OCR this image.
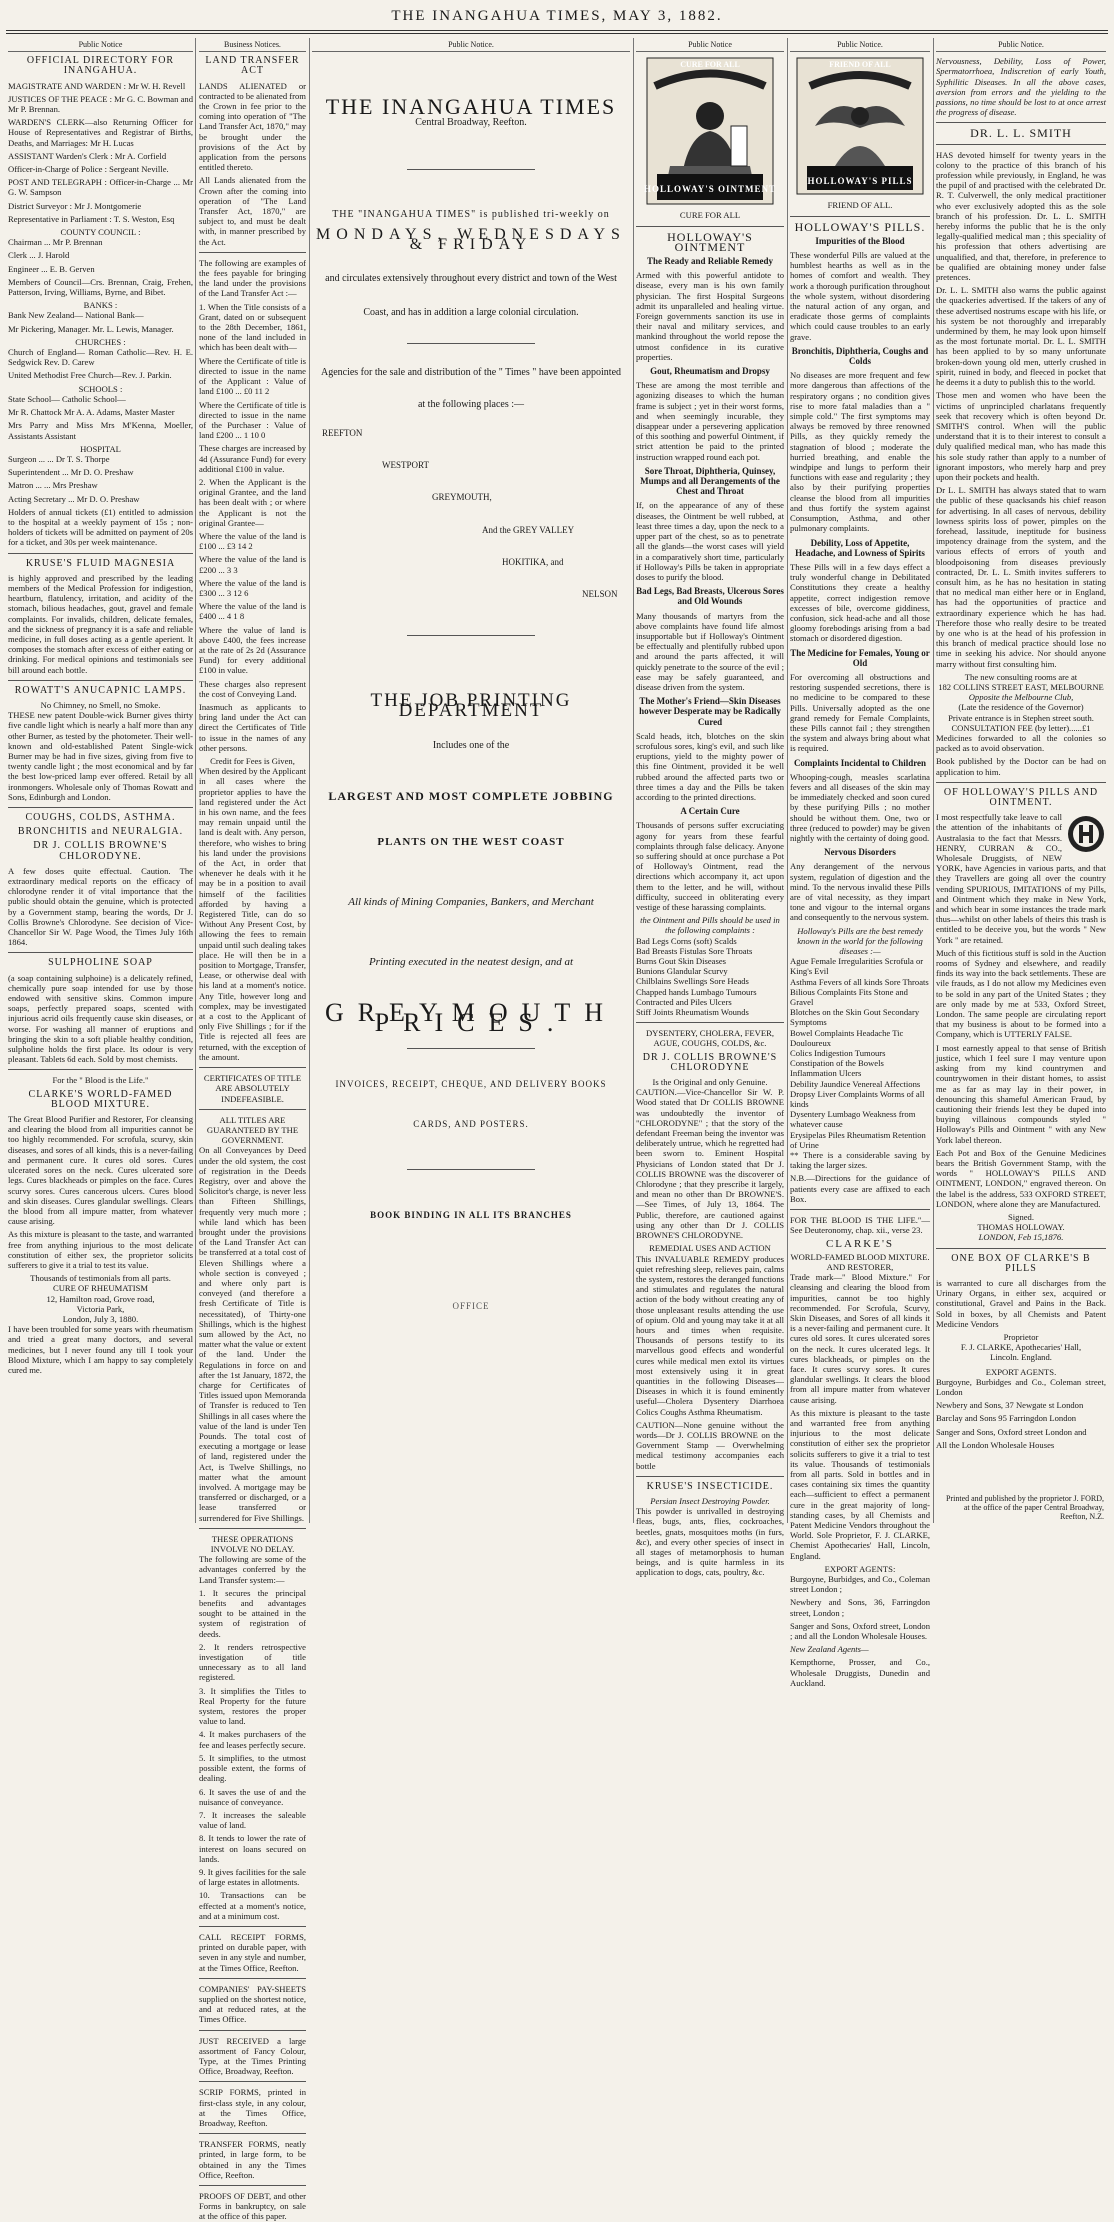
THE INANGAHUA TIMES, MAY 3, 1882.
Public Notice
OFFICIAL DIRECTORY FOR INANGAHUA.

MAGISTRATE AND WARDEN : Mr W. H. Revell

JUSTICES OF THE PEACE : Mr G. C. Bowman and Mr P. Brennan.

WARDEN'S CLERK—also Returning Officer for House of Representatives and Registrar of Births, Deaths, and Marriages: Mr H. Lucas

ASSISTANT Warden's Clerk : Mr A. Corfield

Officer-in-Charge of Police : Sergeant Neville.

POST AND TELEGRAPH : Officer-in-Charge ... Mr G. W. Sampson

District Surveyor : Mr J. Montgomerie

Representative in Parliament : T. S. Weston, Esq

COUNTY COUNCIL :

Chairman ... Mr P. Brennan

Clerk ... J. Harold

Engineer ... E. B. Gerven

Members of Council—Crs. Brennan, Craig, Frehen, Patterson, Irving, Williams, Byrne, and Bibet.

BANKS :

Bank New Zealand— National Bank—

Mr Pickering, Manager. Mr. L. Lewis, Manager.

CHURCHES :

Church of England— Roman Catholic—Rev. H. E. Sedgwick Rev. D. Carew

United Methodist Free Church—Rev. J. Parkin.

SCHOOLS :

State School— Catholic School—

Mr R. Chattock Mr A. A. Adams, Master Master

Mrs Parry and Miss Mrs M'Kenna, Moeller, Assistants Assistant

HOSPITAL

Surgeon ... ... Dr T. S. Thorpe

Superintendent ... Mr D. O. Preshaw

Matron ... ... Mrs Preshaw

Acting Secretary ... Mr D. O. Preshaw

Holders of annual tickets (£1) entitled to admission to the hospital at a weekly payment of 15s ; non-holders of tickets will be admitted on payment of 20s for a ticket, and 30s per week maintenance.

KRUSE'S FLUID MAGNESIA

is highly approved and prescribed by the leading members of the Medical Profession for indigestion, heartburn, flatulency, irritation, and acidity of the stomach, bilious headaches, gout, gravel and female complaints. For invalids, children, delicate females, and the sickness of pregnancy it is a safe and reliable medicine, in full doses acting as a gentle aperient. It composes the stomach after excess of either eating or drinking. For medical opinions and testimonials see bill around each bottle.

ROWATT'S ANUCAPNIC LAMPS.
No Chimney, no Smell, no Smoke.

THESE new patent Double-wick Burner gives thirty five candle light which is nearly a half more than any other Burner, as tested by the photometer. Their well-known and old-established Patent Single-wick Burner may be had in five sizes, giving from five to twenty candle light ; the most economical and by far the best low-priced lamp ever offered. Retail by all ironmongers. Wholesale only of Thomas Rowatt and Sons, Edinburgh and London.

COUGHS, COLDS, ASTHMA.
BRONCHITIS and NEURALGIA.
DR J. COLLIS BROWNE'S CHLORODYNE.

A few doses quite effectual. Caution. The extraordinary medical reports on the efficacy of chlorodyne render it of vital importance that the public should obtain the genuine, which is protected by a Government stamp, bearing the words, Dr J. Collis Browne's Chlorodyne. See decision of Vice-Chancellor Sir W. Page Wood, the Times July 16th 1864.

SULPHOLINE SOAP

(a soap containing sulphoine) is a delicately refined, chemically pure soap intended for use by those endowed with sensitive skins. Common impure soaps, perfectly prepared soaps, scented with injurious acrid oils frequently cause skin diseases, or worse. For washing all manner of eruptions and bringing the skin to a soft pliable healthy condition, sulpholine holds the first place. Its odour is very pleasant. Tablets 6d each. Sold by most chemists.

For the " Blood is the Life."
CLARKE'S WORLD-FAMED BLOOD MIXTURE.

The Great Blood Purifier and Restorer, For cleansing and clearing the blood from all impurities cannot be too highly recommended. For scrofula, scurvy, skin diseases, and sores of all kinds, this is a never-failing and permanent cure. It cures old sores. Cures ulcerated sores on the neck. Cures ulcerated sore legs. Cures blackheads or pimples on the face. Cures scurvy sores. Cures cancerous ulcers. Cures blood and skin diseases. Cures glandular swellings. Clears the blood from all impure matter, from whatever cause arising.

As this mixture is pleasant to the taste, and warranted free from anything injurious to the most delicate constitution of either sex, the proprietor solicits sufferers to give it a trial to test its value.

Thousands of testimonials from all parts.
CURE OF RHEUMATISM
12, Hamilton road, Grove road,
Victoria Park,
London, July 3, 1880.

I have been troubled for some years with rheumatism and tried a great many doctors, and several medicines, but I never found any till I took your Blood Mixture, which I am happy to say completely cured me.

Business Notices.
LAND TRANSFER ACT

LANDS ALIENATED or contracted to be alienated from the Crown in fee prior to the coming into operation of "The Land Transfer Act, 1870," may be brought under the provisions of the Act by application from the persons entitled thereto.

All Lands alienated from the Crown after the coming into operation of "The Land Transfer Act, 1870," are subject to, and must be dealt with, in manner prescribed by the Act.

The following are examples of the fees payable for bringing the land under the provisions of the Land Transfer Act :—

1. When the Title consists of a Grant, dated on or subsequent to the 28th December, 1861, none of the land included in which has been dealt with—

Where the Certificate of title is directed to issue in the name of the Applicant : Value of land £100 ... £0 11 2

Where the Certificate of title is directed to issue in the name of the Purchaser : Value of land £200 ... 1 10 0

These charges are increased by 4d (Assurance Fund) for every additional £100 in value.

2. When the Applicant is the original Grantee, and the land has been dealt with ; or where the Applicant is not the original Grantee—

Where the value of the land is £100 ... £3 14 2

Where the value of the land is £200 ... 3 3

Where the value of the land is £300 ... 3 12 6

Where the value of the land is £400 ... 4 1 8

Where the value of land is above £400, the fees increase at the rate of 2s 2d (Assurance Fund) for every additional £100 in value.

These charges also represent the cost of Conveying Land.

Inasmuch as applicants to bring land under the Act can direct the Certificates of Title to issue in the names of any other persons.

Credit for Fees is Given,

When desired by the Applicant in all cases where the proprietor applies to have the land registered under the Act in his own name, and the fees may remain unpaid until the land is dealt with. Any person, therefore, who wishes to bring his land under the provisions of the Act, in order that whenever he deals with it he may be in a position to avail himself of the facilities afforded by having a Registered Title, can do so Without Any Present Cost, by allowing the fees to remain unpaid until such dealing takes place. He will then be in a position to Mortgage, Transfer, Lease, or otherwise deal with his land at a moment's notice. Any Title, however long and complex, may be investigated at a cost to the Applicant of only Five Shillings ; for if the Title is rejected all fees are returned, with the exception of the amount.

CERTIFICATES OF TITLE ARE ABSOLUTELY INDEFEASIBLE.
ALL TITLES ARE GUARANTEED BY THE GOVERNMENT.

On all Conveyances by Deed under the old system, the cost of registration in the Deeds Registry, over and above the Solicitor's charge, is never less than Fifteen Shillings, frequently very much more ; while land which has been brought under the provisions of the Land Transfer Act can be transferred at a total cost of Eleven Shillings where a whole section is conveyed ; and where only part is conveyed (and therefore a fresh Certificate of Title is necessitated), of Thirty-one Shillings, which is the highest sum allowed by the Act, no matter what the value or extent of the land. Under the Regulations in force on and after the 1st January, 1872, the charge for Certificates of Titles issued upon Memoranda of Transfer is reduced to Ten Shillings in all cases where the value of the land is under Ten Pounds. The total cost of executing a mortgage or lease of land, registered under the Act, is Twelve Shillings, no matter what the amount involved. A mortgage may be transferred or discharged, or a lease transferred or surrendered for Five Shillings.

THESE OPERATIONS INVOLVE NO DELAY.

The following are some of the advantages conferred by the Land Transfer system:—

1. It secures the principal benefits and advantages sought to be attained in the system of registration of deeds.

2. It renders retrospective investigation of title unnecessary as to all land registered.

3. It simplifies the Titles to Real Property for the future system, restores the proper value to land.

4. It makes purchasers of the fee and leases perfectly secure.

5. It simplifies, to the utmost possible extent, the forms of dealing.

6. It saves the use of and the nuisance of conveyance.

7. It increases the saleable value of land.

8. It tends to lower the rate of interest on loans secured on lands.

9. It gives facilities for the sale of large estates in allotments.

10. Transactions can be effected at a moment's notice, and at a minimum cost.

CALL RECEIPT FORMS, printed on durable paper, with seven in any style and number, at the Times Office, Reefton.

COMPANIES' PAY-SHEETS supplied on the shortest notice, and at reduced rates, at the Times Office.

JUST RECEIVED a large assortment of Fancy Colour, Type, at the Times Printing Office, Broadway, Reefton.

SCRIP FORMS, printed in first-class style, in any colour, at the Times Office, Broadway, Reefton.

TRANSFER FORMS, neatly printed, in large form, to be obtained in any the Times Office, Reefton.

PROOFS OF DEBT, and other Forms in bankruptcy, on sale at the office of this paper.

Public Notice.
THE INANGAHUA TIMES
Central Broadway, Reefton.
THE "INANGAHUA TIMES" is published tri-weekly on
MONDAYS, WEDNESDAYS & FRIDAY
and circulates extensively throughout every district and town of the West
Coast, and has in addition a large colonial circulation.
Agencies for the sale and distribution of the " Times " have been appointed
at the following places :—
REEFTON
WESTPORT
GREYMOUTH,
And the GREY VALLEY
HOKITIKA, and
NELSON
THE JOB PRINTING DEPARTMENT
Includes one of the
LARGEST AND MOST COMPLETE JOBBING
PLANTS ON THE WEST COAST
All kinds of Mining Companies, Bankers, and Merchant
Printing executed in the neatest design, and at
GREYMOUTH PRICES.
INVOICES, RECEIPT, CHEQUE, AND DELIVERY BOOKS
CARDS, AND POSTERS.
BOOK BINDING IN ALL ITS BRANCHES
OFFICE
Public Notice
CURE FOR ALL
HOLLOWAY'S OINTMENT
CURE FOR ALL
HOLLOWAY'S OINTMENT
The Ready and Reliable Remedy

Armed with this powerful antidote to disease, every man is his own family physician. The first Hospital Surgeons admit its unparalleled and healing virtue. Foreign governments sanction its use in their naval and military services, and mankind throughout the world repose the utmost confidence in its curative properties.

Gout, Rheumatism and Dropsy

These are among the most terrible and agonizing diseases to which the human frame is subject ; yet in their worst forms, and when seemingly incurable, they disappear under a persevering application of this soothing and powerful Ointment, if strict attention be paid to the printed instruction wrapped round each pot.

Sore Throat, Diphtheria, Quinsey, Mumps and all Derangements of the Chest and Throat

If, on the appearance of any of these diseases, the Ointment be well rubbed, at least three times a day, upon the neck to a upper part of the chest, so as to penetrate all the glands—the worst cases will yield in a comparatively short time, particularly if Holloway's Pills be taken in appropriate doses to purify the blood.

Bad Legs, Bad Breasts, Ulcerous Sores and Old Wounds

Many thousands of martyrs from the above complaints have found life almost insupportable but if Holloway's Ointment be effectually and plentifully rubbed upon and around the parts affected, it will quickly penetrate to the source of the evil ; ease may be safely guaranteed, and disease driven from the system.

The Mother's Friend—Skin Diseases however Desperate may be Radically Cured

Scald heads, itch, blotches on the skin scrofulous sores, king's evil, and such like eruptions, yield to the mighty power of this fine Ointment, provided it be well rubbed around the affected parts two or three times a day and the Pills be taken according to the printed directions.

A Certain Cure

Thousands of persons suffer excruciating agony for years from these fearful complaints through false delicacy. Anyone so suffering should at once purchase a Pot of Holloway's Ointment, read the directions which accompany it, act upon them to the letter, and he will, without difficulty, succeed in obliterating every vestige of these harassing complaints.

the Ointment and Pills should be used in the following complaints :
Bad Legs Corns (soft) Scalds
Bad Breasts Fistulas Sore Throats
Burns Gout Skin Diseases
Bunions Glandular Scurvy
Chilblains Swellings Sore Heads
Chapped hands Lumbago Tumours
Contracted and Piles Ulcers
Stiff Joints Rheumatism Wounds
DYSENTERY, CHOLERA, FEVER, AGUE, COUGHS, COLDS, &c.
DR J. COLLIS BROWNE'S CHLORODYNE
Is the Original and only Genuine.

CAUTION.—Vice-Chancellor Sir W. P. Wood stated that Dr COLLIS BROWNE was undoubtedly the inventor of "CHLORODYNE" ; that the story of the defendant Freeman being the inventor was deliberately untrue, which he regretted had been sworn to. Eminent Hospital Physicians of London stated that Dr J. COLLIS BROWNE was the discoverer of Chlorodyne ; that they prescribe it largely, and mean no other than Dr BROWNE'S.—See Times, of July 13, 1864. The Public, therefore, are cautioned against using any other than Dr J. COLLIS BROWNE'S CHLORODYNE.

REMEDIAL USES AND ACTION

This INVALUABLE REMEDY produces quiet refreshing sleep, relieves pain, calms the system, restores the deranged functions and stimulates and regulates the natural action of the body without creating any of those unpleasant results attending the use of opium. Old and young may take it at all hours and times when requisite. Thousands of persons testify to its marvellous good effects and wonderful cures while medical men extol its virtues most extensively using it in great quantities in the following Diseases— Diseases in which it is found eminently useful—Cholera Dysentery Diarrhoea Colics Coughs Asthma Rheumatism.

CAUTION—None genuine without the words—Dr J. COLLIS BROWNE on the Government Stamp — Overwhelming medical testimony accompanies each bottle

KRUSE'S INSECTICIDE.
Persian Insect Destroying Powder.

This powder is unrivalled in destroying fleas, bugs, ants, flies, cockroaches, beetles, gnats, mosquitoes moths (in furs, &c), and every other species of insect in all stages of metamorphosis to human beings, and is quite harmless in its application to dogs, cats, poultry, &c.

Public Notice.
FRIEND OF ALL
HOLLOWAY'S PILLS
FRIEND OF ALL.
HOLLOWAY'S PILLS.
Impurities of the Blood

These wonderful Pills are valued at the humblest hearths as well as in the homes of comfort and wealth. They work a thorough purification throughout the whole system, without disordering the natural action of any organ, and eradicate those germs of complaints which could cause troubles to an early grave.

Bronchitis, Diphtheria, Coughs and Colds

No diseases are more frequent and few more dangerous than affections of the respiratory organs ; no condition gives rise to more fatal maladies than a " simple cold." The first symptoms may always be removed by three renowned Pills, as they quickly remedy the stagnation of blood ; moderate the hurried breathing, and enable the windpipe and lungs to perform their functions with ease and regularity ; they also by their purifying properties cleanse the blood from all impurities and thus fortify the system against Consumption, Asthma, and other pulmonary complaints.

Debility, Loss of Appetite, Headache, and Lowness of Spirits

These Pills will in a few days effect a truly wonderful change in Debilitated Constitutions they create a healthy appetite, correct indigestion remove excesses of bile, overcome giddiness, confusion, sick head-ache and all those gloomy forebodings arising from a bad stomach or disordered digestion.

The Medicine for Females, Young or Old

For overcoming all obstructions and restoring suspended secretions, there is no medicine to be compared to these Pills. Universally adopted as the one grand remedy for Female Complaints, these Pills cannot fail ; they strengthen the system and always bring about what is required.

Complaints Incidental to Children

Whooping-cough, measles scarlatina fevers and all diseases of the skin may be immediately checked and soon cured by these purifying Pills ; no mother should be without them. One, two or three (reduced to powder) may be given nightly with the certainty of doing good.

Nervous Disorders

Any derangement of the nervous system, regulation of digestion and the mind. To the nervous invalid these Pills are of vital necessity, as they impart tone and vigour to the internal organs and consequently to the nervous system.

Holloway's Pills are the best remedy known in the world for the following diseases :—
Ague Female Irregularities Scrofula or King's Evil
Asthma Fevers of all kinds Sore Throats
Bilious Complaints Fits Stone and Gravel
Blotches on the Skin Gout Secondary Symptoms
Bowel Complaints Headache Tic Douloureux
Colics Indigestion Tumours
Constipation of the Bowels Inflammation Ulcers
Debility Jaundice Venereal Affections
Dropsy Liver Complaints Worms of all kinds
Dysentery Lumbago Weakness from whatever cause
Erysipelas Piles Rheumatism Retention of Urine

** There is a considerable saving by taking the larger sizes.

N.B.—Directions for the guidance of patients every case are affixed to each Box.

FOR THE BLOOD IS THE LIFE."—See Deuteronomy, chap. xii., verse 23.

CLARKE'S
WORLD-FAMED BLOOD MIXTURE.
AND RESTORER,

Trade mark—" Blood Mixture." For cleansing and clearing the blood from impurities, cannot be too highly recommended. For Scrofula, Scurvy, Skin Diseases, and Sores of all kinds it is a never-failing and permanent cure. It cures old sores. It cures ulcerated sores on the neck. It cures ulcerated legs. It cures blackheads, or pimples on the face. It cures scurvy sores. It cures glandular swellings. It clears the blood from all impure matter from whatever cause arising.

As this mixture is pleasant to the taste and warranted free from anything injurious to the most delicate constitution of either sex the proprietor solicits sufferers to give it a trial to test its value. Thousands of testimonials from all parts. Sold in bottles and in cases containing six times the quantity each—sufficient to effect a permanent cure in the great majority of long-standing cases, by all Chemists and Patent Medicine Vendors throughout the World. Sole Proprietor, F. J. CLARKE, Chemist Apothecaries' Hall, Lincoln, England.

EXPORT AGENTS:

Burgoyne, Burbidges, and Co., Coleman street London ;

Newbery and Sons, 36, Farringdon street, London ;

Sanger and Sons, Oxford street, London ; and all the London Wholesale Houses.

New Zealand Agents—

Kempthorne, Prosser, and Co., Wholesale Druggists, Dunedin and Auckland.

Public Notice.

Nervousness, Debility, Loss of Power, Spermatorrhoea, Indiscretion of early Youth, Syphilitic Diseases. In all the above cases, aversion from errors and the yielding to the passions, no time should be lost to at once arrest the progress of disease.

DR. L. L. SMITH

HAS devoted himself for twenty years in the colony to the practice of this branch of his profession while previously, in England, he was the pupil of and practised with the celebrated Dr. R. T. Culverwell, the only medical practitioner who ever exclusively adopted this as the sole branch of his profession. Dr. L. L. SMITH hereby informs the public that he is the only legally-qualified medical man ; this speciality of his profession that others advertising are unqualified, and that, therefore, in preference to be qualified are obtaining money under false pretences.

Dr. L. L. SMITH also warns the public against the quackeries advertised. If the takers of any of these advertised nostrums escape with his life, or his system be not thoroughly and irreparably undermined by them, he may look upon himself as the most fortunate mortal. Dr. L. L. SMITH has been applied to by so many unfortunate broken-down young old men, utterly crushed in spirit, ruined in body, and fleeced in pocket that he deems it a duty to publish this to the world.

Those men and women who have been the victims of unprincipled charlatans frequently seek that recovery which is often beyond Dr. SMITH'S control. When will the public understand that it is to their interest to consult a duly qualified medical man, who has made this his sole study rather than apply to a number of ignorant impostors, who merely harp and prey upon their pockets and health.

Dr L. L. SMITH has always stated that to warn the public of these quacksands his chief reason for advertising. In all cases of nervous, debility lowness spirits loss of power, pimples on the forehead, lassitude, ineptitude for business impotency drainage from the system, and the various effects of errors of youth and bloodpoisoning from diseases previously contracted, Dr. L. L. Smith invites sufferers to consult him, as he has no hesitation in stating that no medical man either here or in England, has had the opportunities of practice and extraordinary experience which he has had. Therefore those who really desire to be treated by one who is at the head of his profession in this branch of medical practice should lose no time in seeking his advice. Nor should anyone marry without first consulting him.

The new consulting rooms are at
182 COLLINS STREET EAST, MELBOURNE
Opposite the Melbourne Club,
(Late the residence of the Governor)
Private entrance is in Stephen street south.
CONSULTATION FEE (by letter)......£1

Medicines forwarded to all the colonies so packed as to avoid observation.

Book published by the Doctor can be had on application to him.

OF HOLLOWAY'S PILLS AND OINTMENT.

I most respectfully take leave to call the attention of the inhabitants of Australasia to the fact that Messrs. HENRY, CURRAN & CO., Wholesale Druggists, of NEW YORK, have Agencies in various parts, and that they Travellers are going all over the country vending SPURIOUS, IMITATIONS of my Pills, and Ointment which they make in New York, and which bear in some instances the trade mark thus—whilst on other labels of theirs this trash is entitled to be deceive you, but the words " New York " are retained.

Much of this fictitious stuff is sold in the Auction rooms of Sydney and elsewhere, and readily finds its way into the back settlements. These are vile frauds, as I do not allow my Medicines even to be sold in any part of the United States ; they are only made by me at 533, Oxford Street, London. The same people are circulating report that my business is about to be formed into a Company, which is UTTERLY FALSE.

I most earnestly appeal to that sense of British justice, which I feel sure I may venture upon asking from my kind countrymen and countrywomen in their distant homes, to assist me as far as may lay in their power, in denouncing this shameful American Fraud, by cautioning their friends lest they be duped into buying villainous compounds styled " Holloway's Pills and Ointment " with any New York label thereon.

Each Pot and Box of the Genuine Medicines bears the British Government Stamp, with the words " HOLLOWAY'S PILLS AND OINTMENT, LONDON," engraved thereon. On the label is the address, 533 OXFORD STREET, LONDON, where alone they are Manufactured.

Signed.
THOMAS HOLLOWAY.
LONDON, Feb 15,1876.
ONE BOX OF CLARKE'S B PILLS

is warranted to cure all discharges from the Urinary Organs, in either sex, acquired or constitutional, Gravel and Pains in the Back. Sold in boxes, by all Chemists and Patent Medicine Vendors

Proprietor
F. J. CLARKE, Apothecaries' Hall,
Lincoln. England.
EXPORT AGENTS.

Burgoyne, Burbidges and Co., Coleman street, London

Newbery and Sons, 37 Newgate st London

Barclay and Sons 95 Farringdon London

Sanger and Sons, Oxford street London and

All the London Wholesale Houses

Printed and published by the proprietor J. FORD, at the office of the paper Central Broadway, Reefton, N.Z.
